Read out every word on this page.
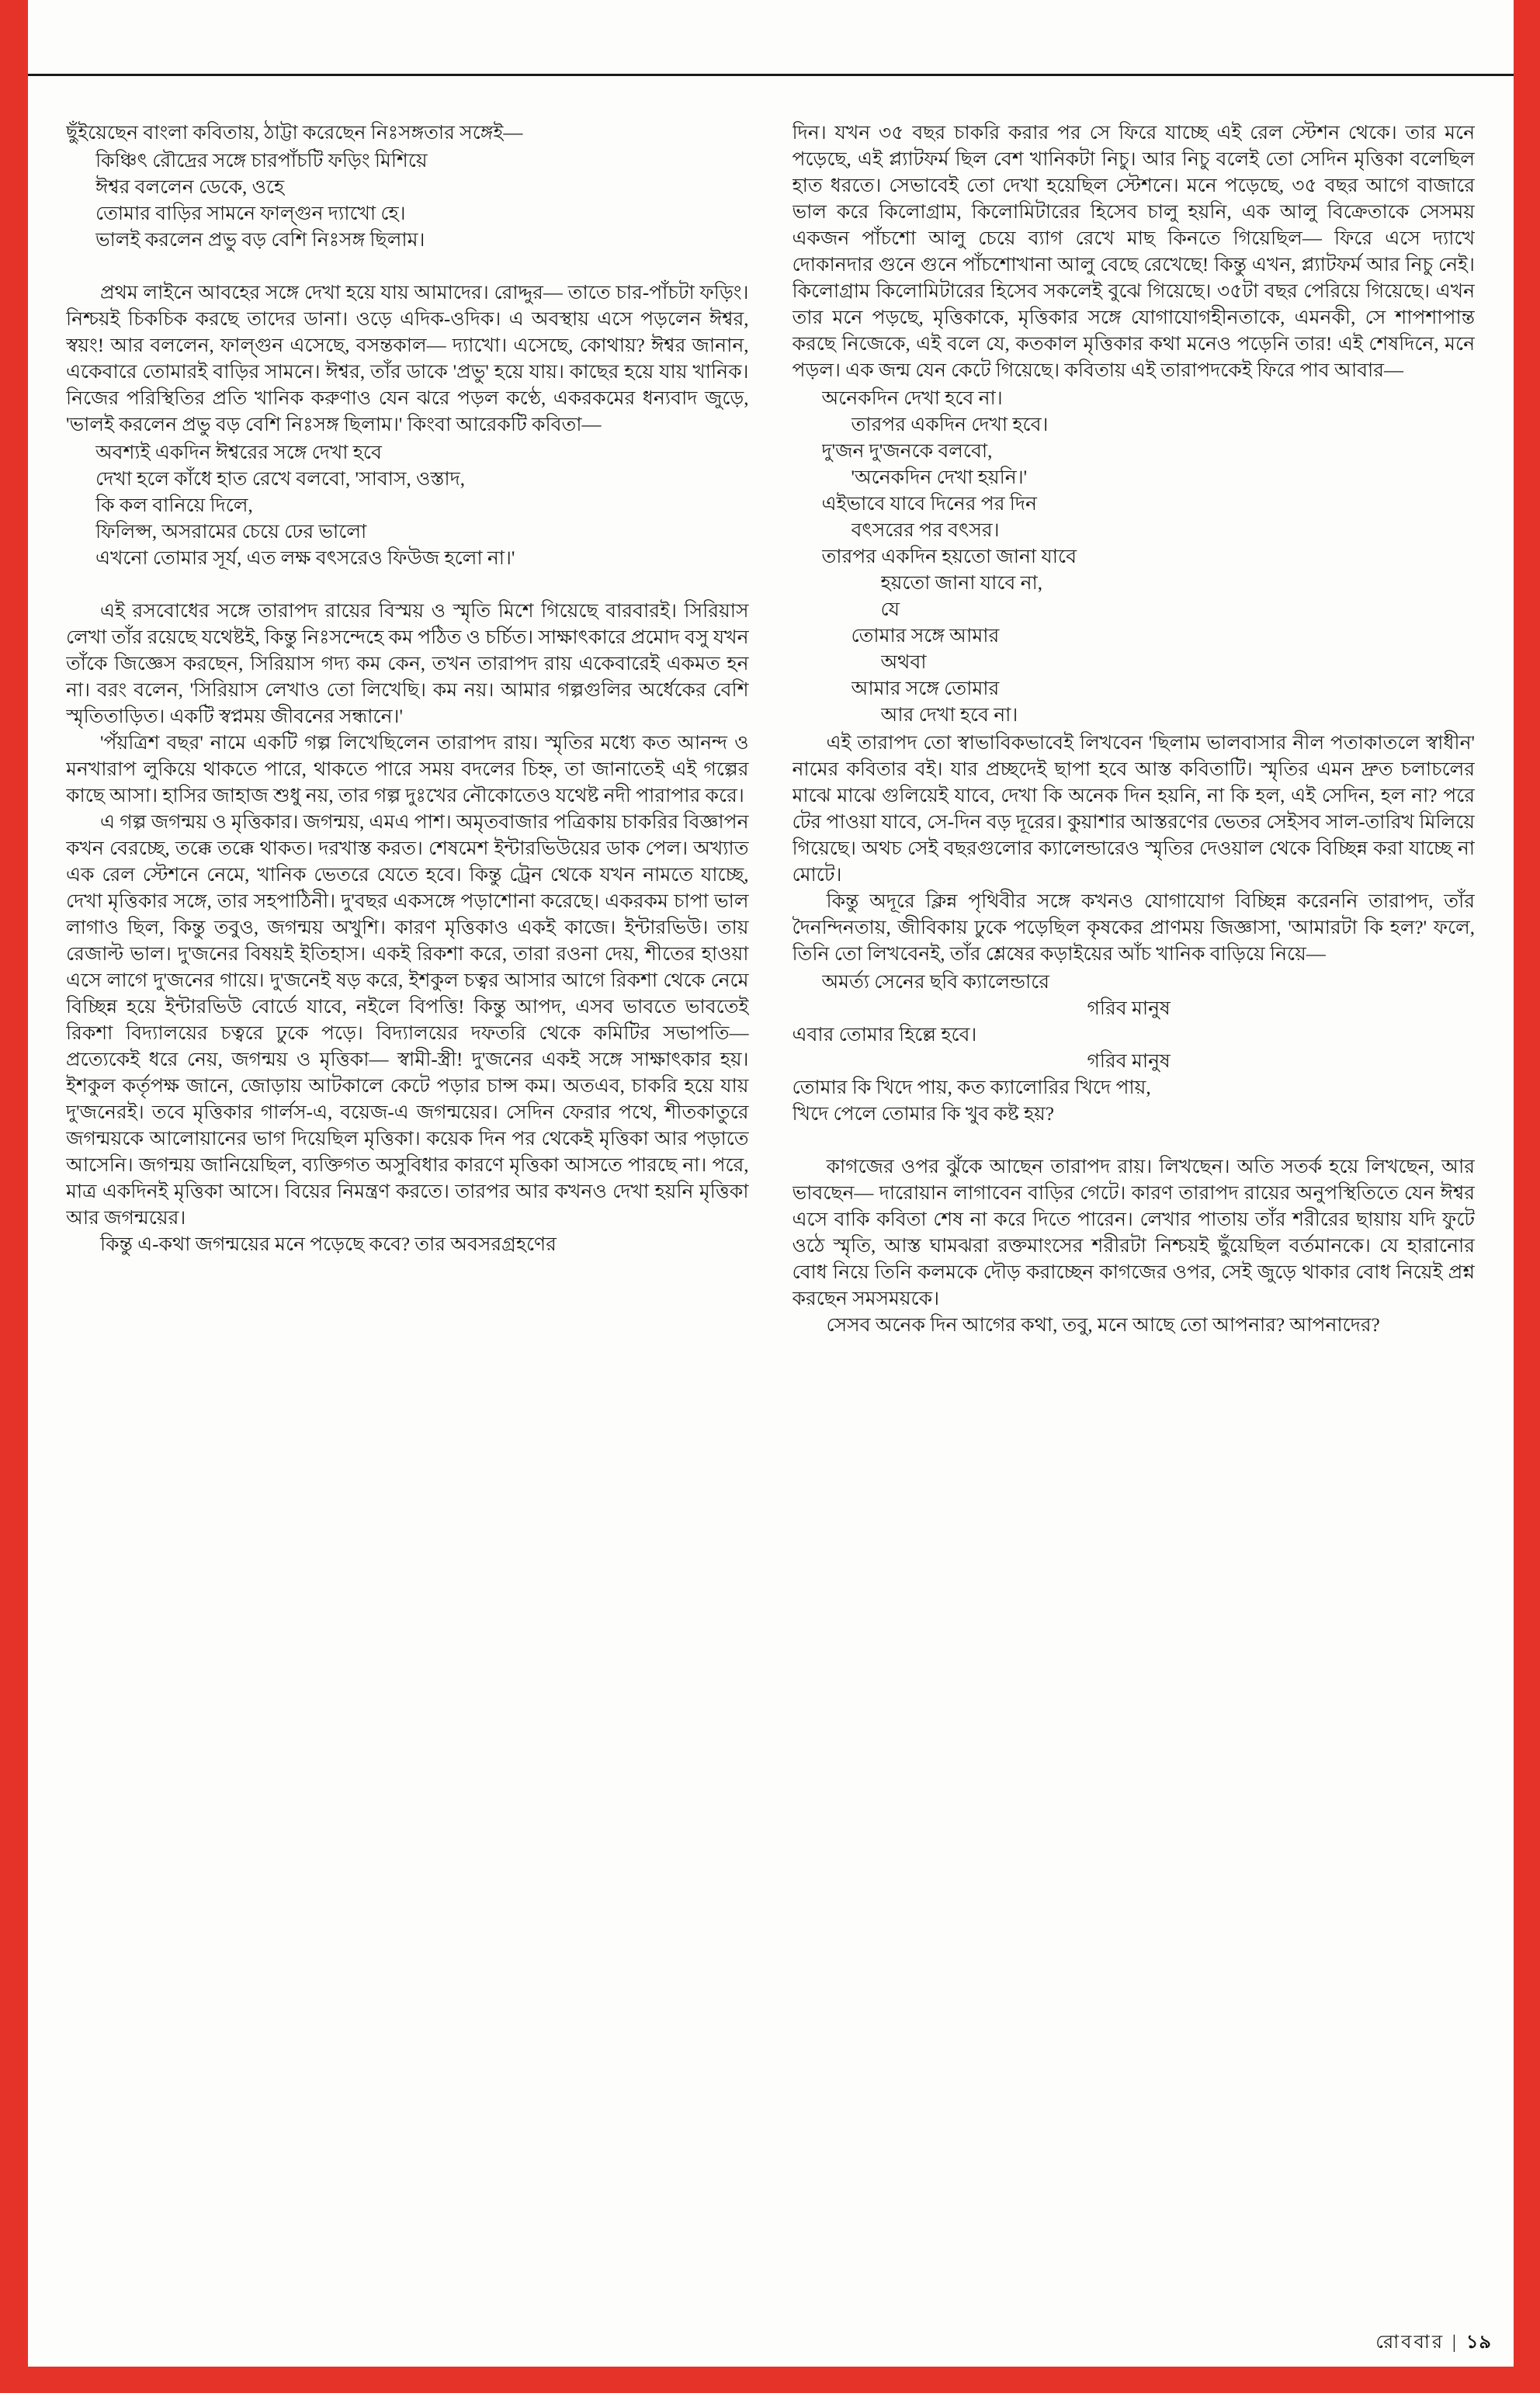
ছুঁইয়েছেন বাংলা কবিতায়, ঠাট্টা করেছেন নিঃসঙ্গতার সঙ্গেই—

কিঞ্চিৎ রৌদ্রের সঙ্গে চারপাঁচটি ফড়িং মিশিয়ে
ঈশ্বর বললেন ডেকে, ওহে
তোমার বাড়ির সামনে ফাল্গুন দ্যাখো হে।
ভালই করলেন প্রভু বড় বেশি নিঃসঙ্গ ছিলাম।

প্রথম লাইনে আবহের সঙ্গে দেখা হয়ে যায় আমাদের। রোদ্দুর— তাতে চার-পাঁচটা ফড়িং। নিশ্চয়ই চিকচিক করছে তাদের ডানা। ওড়ে এদিক-ওদিক। এ অবস্থায় এসে পড়লেন ঈশ্বর, স্বয়ং! আর বললেন, ফাল্গুন এসেছে, বসন্তকাল— দ্যাখো। এসেছে, কোথায়? ঈশ্বর জানান, একেবারে তোমারই বাড়ির সামনে। ঈশ্বর, তাঁর ডাকে 'প্রভু' হয়ে যায়। কাছের হয়ে যায় খানিক। নিজের পরিস্থিতির প্রতি খানিক করুণাও যেন ঝরে পড়ল কণ্ঠে, একরকমের ধন্যবাদ জুড়ে, 'ভালই করলেন প্রভু বড় বেশি নিঃসঙ্গ ছিলাম।' কিংবা আরেকটি কবিতা—

অবশ্যই একদিন ঈশ্বরের সঙ্গে দেখা হবে
দেখা হলে কাঁধে হাত রেখে বলবো, 'সাবাস, ওস্তাদ,
কি কল বানিয়ে দিলে,
ফিলিপ্স, অসরামের চেয়ে ঢের ভালো
এখনো তোমার সূর্য, এত লক্ষ বৎসরেও ফিউজ হলো না।'

এই রসবোধের সঙ্গে তারাপদ রায়ের বিস্ময় ও স্মৃতি মিশে গিয়েছে বারবারই। সিরিয়াস লেখা তাঁর রয়েছে যথেষ্টই, কিন্তু নিঃসন্দেহে কম পঠিত ও চর্চিত। সাক্ষাৎকারে প্রমোদ বসু যখন তাঁকে জিজ্ঞেস করছেন, সিরিয়াস গদ্য কম কেন, তখন তারাপদ রায় একেবারেই একমত হন না। বরং বলেন, 'সিরিয়াস লেখাও তো লিখেছি। কম নয়। আমার গল্পগুলির অর্ধেকের বেশি স্মৃতিতাড়িত। একটি স্বপ্নময় জীবনের সন্ধানে।'

'পঁয়ত্রিশ বছর' নামে একটি গল্প লিখেছিলেন তারাপদ রায়। স্মৃতির মধ্যে কত আনন্দ ও মনখারাপ লুকিয়ে থাকতে পারে, থাকতে পারে সময় বদলের চিহ্ন, তা জানাতেই এই গল্পের কাছে আসা। হাসির জাহাজ শুধু নয়, তার গল্প দুঃখের নৌকোতেও যথেষ্ট নদী পারাপার করে।

এ গল্প জগন্ময় ও মৃত্তিকার। জগন্ময়, এমএ পাশ। অমৃতবাজার পত্রিকায় চাকরির বিজ্ঞাপন কখন বেরচ্ছে, তক্কে তক্কে থাকত। দরখাস্ত করত। শেষমেশ ইন্টারভিউয়ের ডাক পেল। অখ্যাত এক রেল স্টেশনে নেমে, খানিক ভেতরে যেতে হবে। কিন্তু ট্রেন থেকে যখন নামতে যাচ্ছে, দেখা মৃত্তিকার সঙ্গে, তার সহপাঠিনী। দু'বছর একসঙ্গে পড়াশোনা করেছে। একরকম চাপা ভাল লাগাও ছিল, কিন্তু তবুও, জগন্ময় অখুশি। কারণ মৃত্তিকাও একই কাজে। ইন্টারভিউ। তায় রেজাল্ট ভাল। দু'জনের বিষয়ই ইতিহাস। একই রিকশা করে, তারা রওনা দেয়, শীতের হাওয়া এসে লাগে দু'জনের গায়ে। দু'জনেই ষড় করে, ইশকুল চত্বর আসার আগে রিকশা থেকে নেমে বিচ্ছিন্ন হয়ে ইন্টারভিউ বোর্ডে যাবে, নইলে বিপত্তি! কিন্তু আপদ, এসব ভাবতে ভাবতেই রিকশা বিদ্যালয়ের চত্বরে ঢুকে পড়ে। বিদ্যালয়ের দফতরি থেকে কমিটির সভাপতি— প্রত্যেকেই ধরে নেয়, জগন্ময় ও মৃত্তিকা— স্বামী-স্ত্রী! দু'জনের একই সঙ্গে সাক্ষাৎকার হয়। ইশকুল কর্তৃপক্ষ জানে, জোড়ায় আটকালে কেটে পড়ার চান্স কম। অতএব, চাকরি হয়ে যায় দু'জনেরই। তবে মৃত্তিকার গার্লস-এ, বয়েজ-এ জগন্ময়ের। সেদিন ফেরার পথে, শীতকাতুরে জগন্ময়কে আলোয়ানের ভাগ দিয়েছিল মৃত্তিকা। কয়েক দিন পর থেকেই মৃত্তিকা আর পড়াতে আসেনি। জগন্ময় জানিয়েছিল, ব্যক্তিগত অসুবিধার কারণে মৃত্তিকা আসতে পারছে না। পরে, মাত্র একদিনই মৃত্তিকা আসে। বিয়ের নিমন্ত্রণ করতে। তারপর আর কখনও দেখা হয়নি মৃত্তিকা আর জগন্ময়ের।

কিন্তু এ-কথা জগন্ময়ের মনে পড়েছে কবে? তার অবসরগ্রহণের

দিন। যখন ৩৫ বছর চাকরি করার পর সে ফিরে যাচ্ছে এই রেল স্টেশন থেকে। তার মনে পড়েছে, এই প্ল্যাটফর্ম ছিল বেশ খানিকটা নিচু। আর নিচু বলেই তো সেদিন মৃত্তিকা বলেছিল হাত ধরতে। সেভাবেই তো দেখা হয়েছিল স্টেশনে। মনে পড়েছে, ৩৫ বছর আগে বাজারে ভাল করে কিলোগ্রাম, কিলোমিটারের হিসেব চালু হয়নি, এক আলু বিক্রেতাকে সেসময় একজন পাঁচশো আলু চেয়ে ব্যাগ রেখে মাছ কিনতে গিয়েছিল— ফিরে এসে দ্যাখে দোকানদার গুনে গুনে পাঁচশোখানা আলু বেছে রেখেছে! কিন্তু এখন, প্ল্যাটফর্ম আর নিচু নেই। কিলোগ্রাম কিলোমিটারের হিসেব সকলেই বুঝে গিয়েছে। ৩৫টা বছর পেরিয়ে গিয়েছে। এখন তার মনে পড়ছে, মৃত্তিকাকে, মৃত্তিকার সঙ্গে যোগাযোগহীনতাকে, এমনকী, সে শাপশাপান্ত করছে নিজেকে, এই বলে যে, কতকাল মৃত্তিকার কথা মনেও পড়েনি তার! এই শেষদিনে, মনে পড়ল। এক জন্ম যেন কেটে গিয়েছে। কবিতায় এই তারাপদকেই ফিরে পাব আবার—

অনেকদিন দেখা হবে না।
তারপর একদিন দেখা হবে।
দু'জন দু'জনকে বলবো,
'অনেকদিন দেখা হয়নি।'
এইভাবে যাবে দিনের পর দিন
বৎসরের পর বৎসর।
তারপর একদিন হয়তো জানা যাবে
হয়তো জানা যাবে না,
যে
তোমার সঙ্গে আমার
অথবা
আমার সঙ্গে তোমার
আর দেখা হবে না।

এই তারাপদ তো স্বাভাবিকভাবেই লিখবেন 'ছিলাম ভালবাসার নীল পতাকাতলে স্বাধীন' নামের কবিতার বই। যার প্রচ্ছদেই ছাপা হবে আস্ত কবিতাটি। স্মৃতির এমন দ্রুত চলাচলের মাঝে মাঝে গুলিয়েই যাবে, দেখা কি অনেক দিন হয়নি, না কি হল, এই সেদিন, হল না? পরে টের পাওয়া যাবে, সে-দিন বড় দূরের। কুয়াশার আস্তরণের ভেতর সেইসব সাল-তারিখ মিলিয়ে গিয়েছে। অথচ সেই বছরগুলোর ক্যালেন্ডারেও স্মৃতির দেওয়াল থেকে বিচ্ছিন্ন করা যাচ্ছে না মোটে।

কিন্তু অদূরে ক্লিন্ন পৃথিবীর সঙ্গে কখনও যোগাযোগ বিচ্ছিন্ন করেননি তারাপদ, তাঁর দৈনন্দিনতায়, জীবিকায় ঢুকে পড়েছিল কৃষকের প্রাণময় জিজ্ঞাসা, 'আমারটা কি হল?' ফলে, তিনি তো লিখবেনই, তাঁর শ্লেষের কড়াইয়ের আঁচ খানিক বাড়িয়ে নিয়ে—

অমর্ত্য সেনের ছবি ক্যালেন্ডারে
গরিব মানুষ
এবার তোমার হিল্লে হবে।
গরিব মানুষ
তোমার কি খিদে পায়, কত ক্যালোরির খিদে পায়,
খিদে পেলে তোমার কি খুব কষ্ট হয়?

কাগজের ওপর ঝুঁকে আছেন তারাপদ রায়। লিখছেন। অতি সতর্ক হয়ে লিখছেন, আর ভাবছেন— দারোয়ান লাগাবেন বাড়ির গেটে। কারণ তারাপদ রায়ের অনুপস্থিতিতে যেন ঈশ্বর এসে বাকি কবিতা শেষ না করে দিতে পারেন। লেখার পাতায় তাঁর শরীরের ছায়ায় যদি ফুটে ওঠে স্মৃতি, আস্ত ঘামঝরা রক্তমাংসের শরীরটা নিশ্চয়ই ছুঁয়েছিল বর্তমানকে। যে হারানোর বোধ নিয়ে তিনি কলমকে দৌড় করাচ্ছেন কাগজের ওপর, সেই জুড়ে থাকার বোধ নিয়েই প্রশ্ন করছেন সমসময়কে।

সেসব অনেক দিন আগের কথা, তবু, মনে আছে তো আপনার? আপনাদের?

রোববার | ১৯
